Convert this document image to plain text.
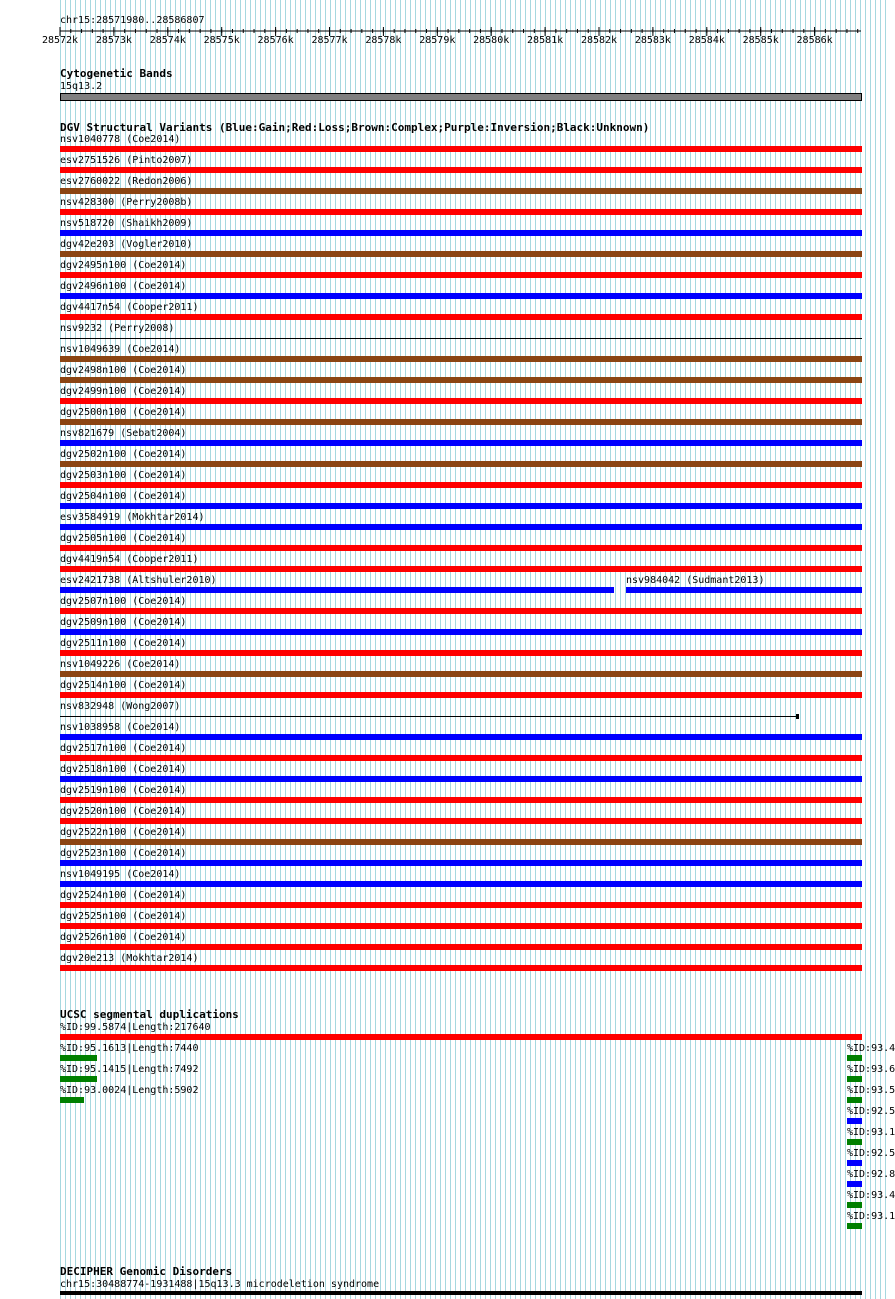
chr15:28571980..28586807
28572k 28573k 28574k 28575k 28576k 28577k 28578k 28579k 28580k 28581k 28582k 28583k 28584k 28585k 28586k
Cytogenetic Bands
15q13.2
DGV Structural Variants (Blue:Gain;Red:Loss;Brown:Complex;Purple:Inversion;Black:Unknown)
nsv1040778 (Coe2014)
esv2751526 (Pinto2007)
esv2760022 (Redon2006)
nsv428300 (Perry2008b)
nsv518720 (Shaikh2009)
dgv42e203 (Vogler2010)
dgv2495n100 (Coe2014)
dgv2496n100 (Coe2014)
dgv4417n54 (Cooper2011)
nsv9232 (Perry2008)
nsv1049639 (Coe2014)
dgv2498n100 (Coe2014)
dgv2499n100 (Coe2014)
dgv2500n100 (Coe2014)
nsv821679 (Sebat2004)
dgv2502n100 (Coe2014)
dgv2503n100 (Coe2014)
dgv2504n100 (Coe2014)
esv3584919 (Mokhtar2014)
dgv2505n100 (Coe2014)
dgv4419n54 (Cooper2011)
esv2421738 (Altshuler2010)	nsv984042 (Sudmant2013)
dgv2507n100 (Coe2014)
dgv2509n100 (Coe2014)
dgv2511n100 (Coe2014)
nsv1049226 (Coe2014)
dgv2514n100 (Coe2014)
nsv832948 (Wong2007)
nsv1038958 (Coe2014)
dgv2517n100 (Coe2014)
dgv2518n100 (Coe2014)
dgv2519n100 (Coe2014)
dgv2520n100 (Coe2014)
dgv2522n100 (Coe2014)
dgv2523n100 (Coe2014)
nsv1049195 (Coe2014)
dgv2524n100 (Coe2014)
dgv2525n100 (Coe2014)
dgv2526n100 (Coe2014)
dgv20e213 (Mokhtar2014)
UCSC segmental duplications
%ID:99.5874|Length:217640
%ID:95.1613|Length:7440
%ID:95.1415|Length:7492
%ID:93.0024|Length:5902
%ID:93.4
%ID:93.6
%ID:93.5
%ID:92.5
%ID:93.1
%ID:92.5
%ID:92.8
%ID:93.4
%ID:93.1
DECIPHER Genomic Disorders
chr15:30488774-1931488|15q13.3 microdeletion syndrome
